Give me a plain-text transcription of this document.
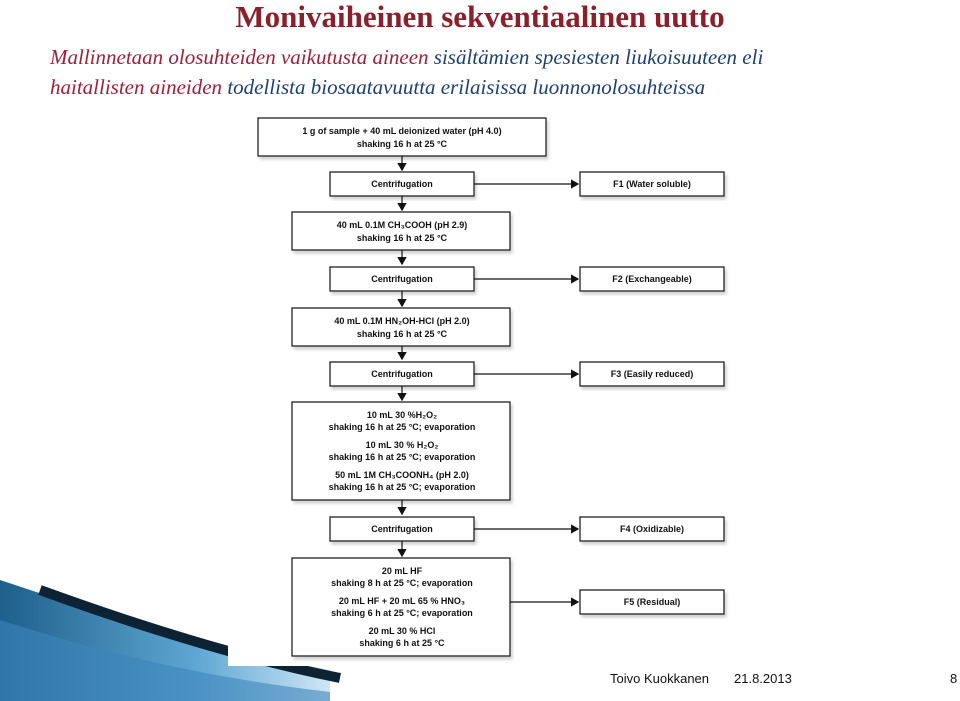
Monivaiheinen sekventiaalinen uutto

Mallinnetaan olosuhteiden vaikutusta aineen sisältämien spesiesten liukoisuuteen eli
haitallisten aineiden todellista biosaatavuutta erilaisissa luonnonolosuhteissa

1 g of sample + 40 mL deionized water (pH 4.0)
shaking 16 h at 25 °C
Centrifugation	F1 (Water soluble)
40 mL 0.1M CH₃COOH (pH 2.9)
shaking 16 h at 25 °C
Centrifugation	F2 (Exchangeable)
40 mL 0.1M HN₂OH-HCl (pH 2.0)
shaking 16 h at 25 °C
Centrifugation	F3 (Easily reduced)
10 mL 30 %H₂O₂
shaking 16 h at 25 °C; evaporation
10 mL 30 % H₂O₂
shaking 16 h at 25 °C; evaporation
50 mL 1M CH₃COONH₄ (pH 2.0)
shaking 16 h at 25 °C; evaporation
Centrifugation	F4 (Oxidizable)
20 mL HF
shaking 8 h at 25 °C; evaporation
20 mL HF + 20 mL 65 % HNO₃
shaking 6 h at 25 °C; evaporation
20 mL 30 % HCl
shaking 6 h at 25 °C
F5 (Residual)
Toivo Kuokkanen 21.8.2013	8
